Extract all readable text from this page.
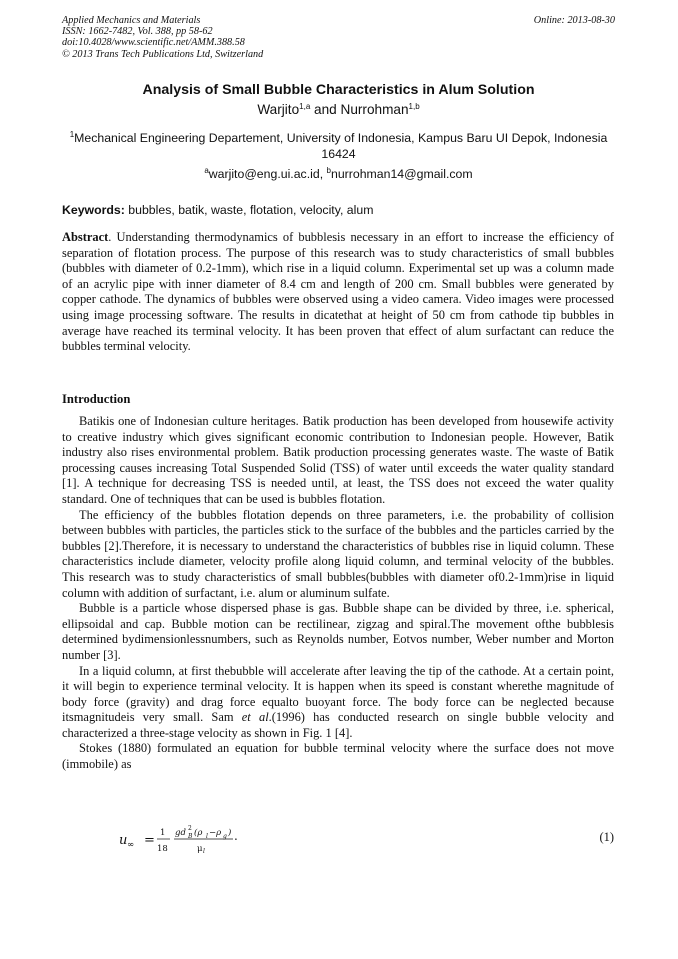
Applied Mechanics and Materials
ISSN: 1662-7482, Vol. 388, pp 58-62
doi:10.4028/www.scientific.net/AMM.388.58
© 2013 Trans Tech Publications Ltd, Switzerland
Online: 2013-08-30
Analysis of Small Bubble Characteristics in Alum Solution
Warjito$^{1,a}$ and Nurrohman$^{1,b}$
$^1$Mechanical Engineering Departement, University of Indonesia, Kampus Baru UI Depok, Indonesia
16424
$^a$warjito@eng.ui.ac.id, $^b$nurrohman14@gmail.com
Keywords: bubbles, batik, waste, flotation, velocity, alum

Abstract. Understanding thermodynamics of bubblesis necessary in an effort to increase the efficiency of separation of flotation process. The purpose of this research was to study characteristics of small bubbles (bubbles with diameter of 0.2-1mm), which rise in a liquid column. Experimental set up was a column made of an acrylic pipe with inner diameter of 8.4 cm and length of 200 cm. Small bubbles were generated by copper cathode. The dynamics of bubbles were observed using a video camera. Video images were processed using image processing software. The results in dicatethat at height of 50 cm from cathode tip bubbles in average have reached its terminal velocity. It has been proven that effect of alum surfactant can reduce the bubbles terminal velocity.

Introduction

Batikis one of Indonesian culture heritages. Batik production has been developed from housewife activity to creative industry which gives significant economic contribution to Indonesian people. However, Batik industry also rises environmental problem. Batik production processing generates waste. The waste of Batik processing causes increasing Total Suspended Solid (TSS) of water until exceeds the water quality standard [1]. A technique for decreasing TSS is needed until, at least, the TSS does not exceed the water quality standard. One of techniques that can be used is bubbles flotation.

The efficiency of the bubbles flotation depends on three parameters, i.e. the probability of collision between bubbles with particles, the particles stick to the surface of the bubbles and the particles carried by the bubbles [2].Therefore, it is necessary to understand the characteristics of bubbles rise in liquid column. These characteristics include diameter, velocity profile along liquid column, and terminal velocity of the bubbles. This research was to study characteristics of small bubbles(bubbles with diameter of0.2-1mm)rise in liquid column with addition of surfactant, i.e. alum or aluminum sulfate.

Bubble is a particle whose dispersed phase is gas. Bubble shape can be divided by three, i.e. spherical, ellipsoidal and cap. Bubble motion can be rectilinear, zigzag and spiral.The movement ofthe bubblesis determined bydimensionlessnumbers, such as Reynolds number, Eotvos number, Weber number and Morton number [3].

In a liquid column, at first thebubble will accelerate after leaving the tip of the cathode. At a certain point, it will begin to experience terminal velocity. It is happen when its speed is constant wherethe magnitude of body force (gravity) and drag force equalto buoyant force. The body force can be neglected because itsmagnitudeis very small. Sam et al.(1996) has conducted research on single bubble velocity and characterized a three-stage velocity as shown in Fig. 1 [4].

Stokes (1880) formulated an equation for bubble terminal velocity where the surface does not move (immobile) as

u ∞ = 1
18
gd 2
B (ρ l −ρ g )
μ l
.	(1)
